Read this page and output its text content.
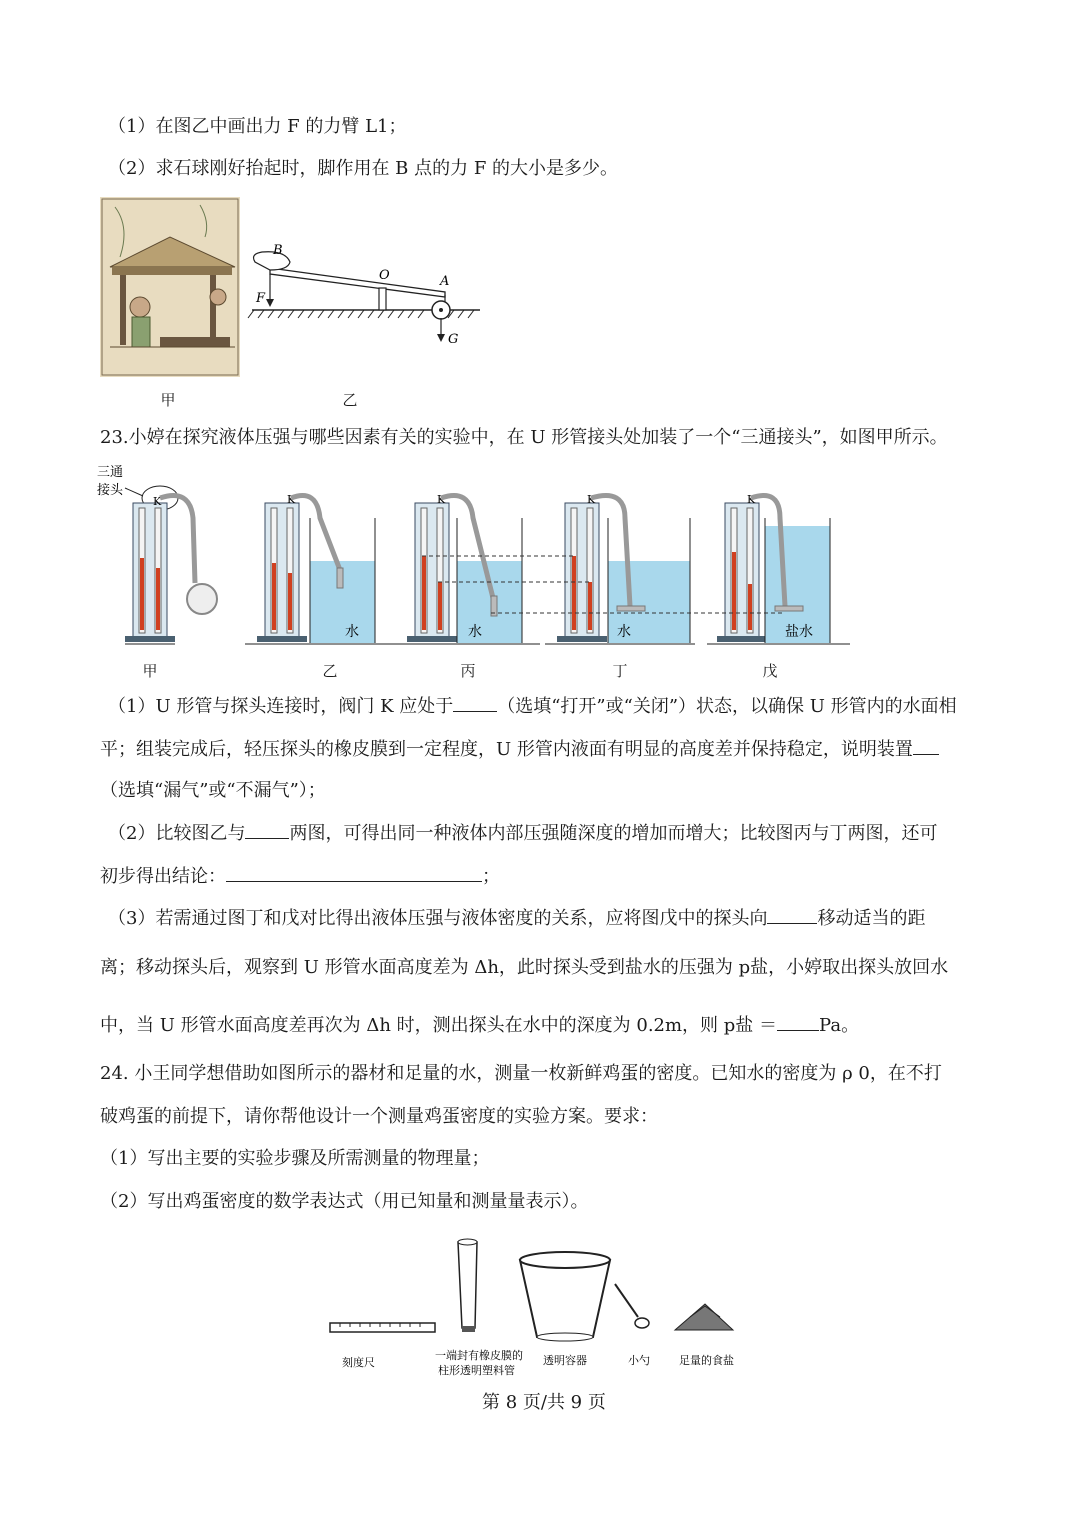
（1）在图乙中画出力 F 的力臂 L1；
（2）求石球刚好抬起时，脚作用在 B 点的力 F 的大小是多少。
B
O	A
G
F
甲	乙
23.小婷在探究液体压强与哪些因素有关的实验中，在 U 形管接头处加装了一个“三通接头”，如图甲所示。
三通
接头
K	K
水
K
水
K
水
K
盐水
甲	乙	丙	丁	戊
（1）U 形管与探头连接时，阀门 K 应处于 （选填“打开”或“关闭”）状态，以确保 U 形管内的水面相
平；组装完成后，轻压探头的橡皮膜到一定程度，U 形管内液面有明显的高度差并保持稳定，说明装置
（选填“漏气”或“不漏气”）；
（2）比较图乙与 两图，可得出同一种液体内部压强随深度的增加而增大；比较图丙与丁两图，还可
初步得出结论：	；
（3）若需通过图丁和戊对比得出液体压强与液体密度的关系，应将图戊中的探头向	移动适当的距
离；移动探头后，观察到 U 形管水面高度差为 Δh，此时探头受到盐水的压强为 p盐，小婷取出探头放回水
中，当 U 形管水面高度差再次为 Δh 时，测出探头在水中的深度为 0.2m，则 p盐 ＝ Pa。
24. 小王同学想借助如图所示的器材和足量的水，测量一枚新鲜鸡蛋的密度。已知水的密度为 ρ 0，在不打
破鸡蛋的前提下，请你帮他设计一个测量鸡蛋密度的实验方案。要求：
（1）写出主要的实验步骤及所需测量的物理量；
（2）写出鸡蛋密度的数学表达式（用已知量和测量量表示）。
刻度尺
一端封有橡皮膜的
柱形透明塑料管
透明容器	小勺	足量的食盐
第 8 页/共 9 页
